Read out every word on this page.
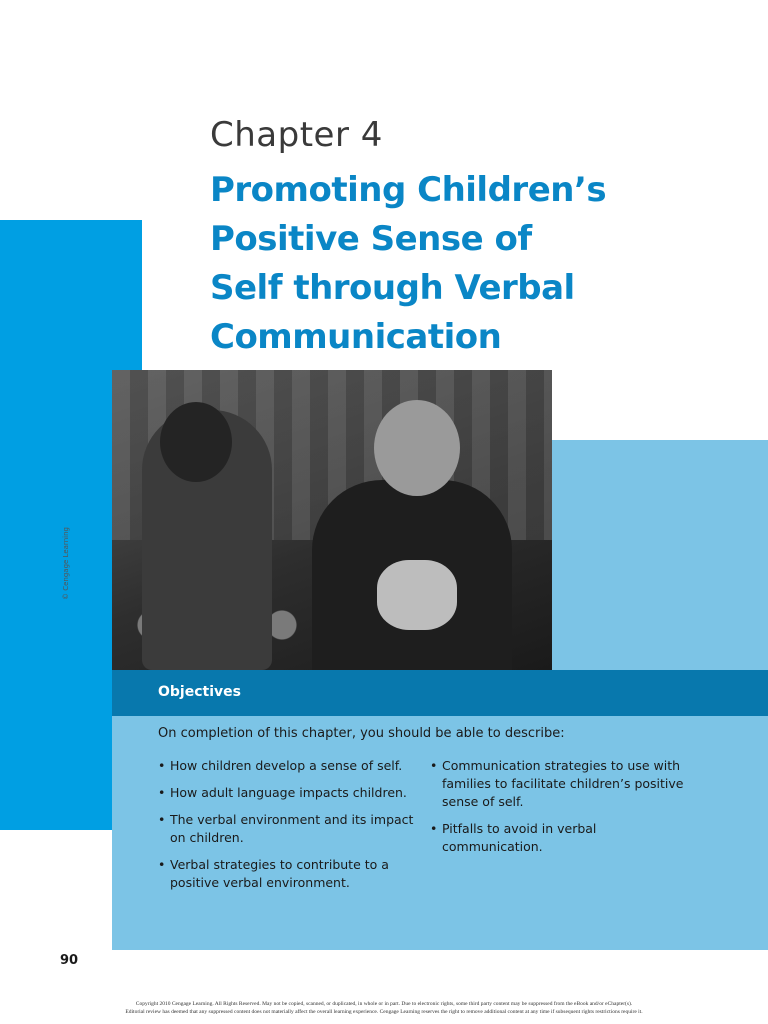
Chapter 4
Promoting Children’s
Positive Sense of
Self through Verbal
Communication
© Cengage Learning
Objectives
On completion of this chapter, you should be able to describe:
• How children develop a sense of self.
• How adult language impacts children.
• The verbal environment and its impact on children.
• Verbal strategies to contribute to a positive verbal environment.
• Communication strategies to use with families to facilitate children’s positive sense of self.
• Pitfalls to avoid in verbal communication.
90
Copyright 2010 Cengage Learning. All Rights Reserved. May not be copied, scanned, or duplicated, in whole or in part. Due to electronic rights, some third party content may be suppressed from the eBook and/or eChapter(s).
Editorial review has deemed that any suppressed content does not materially affect the overall learning experience. Cengage Learning reserves the right to remove additional content at any time if subsequent rights restrictions require it.
